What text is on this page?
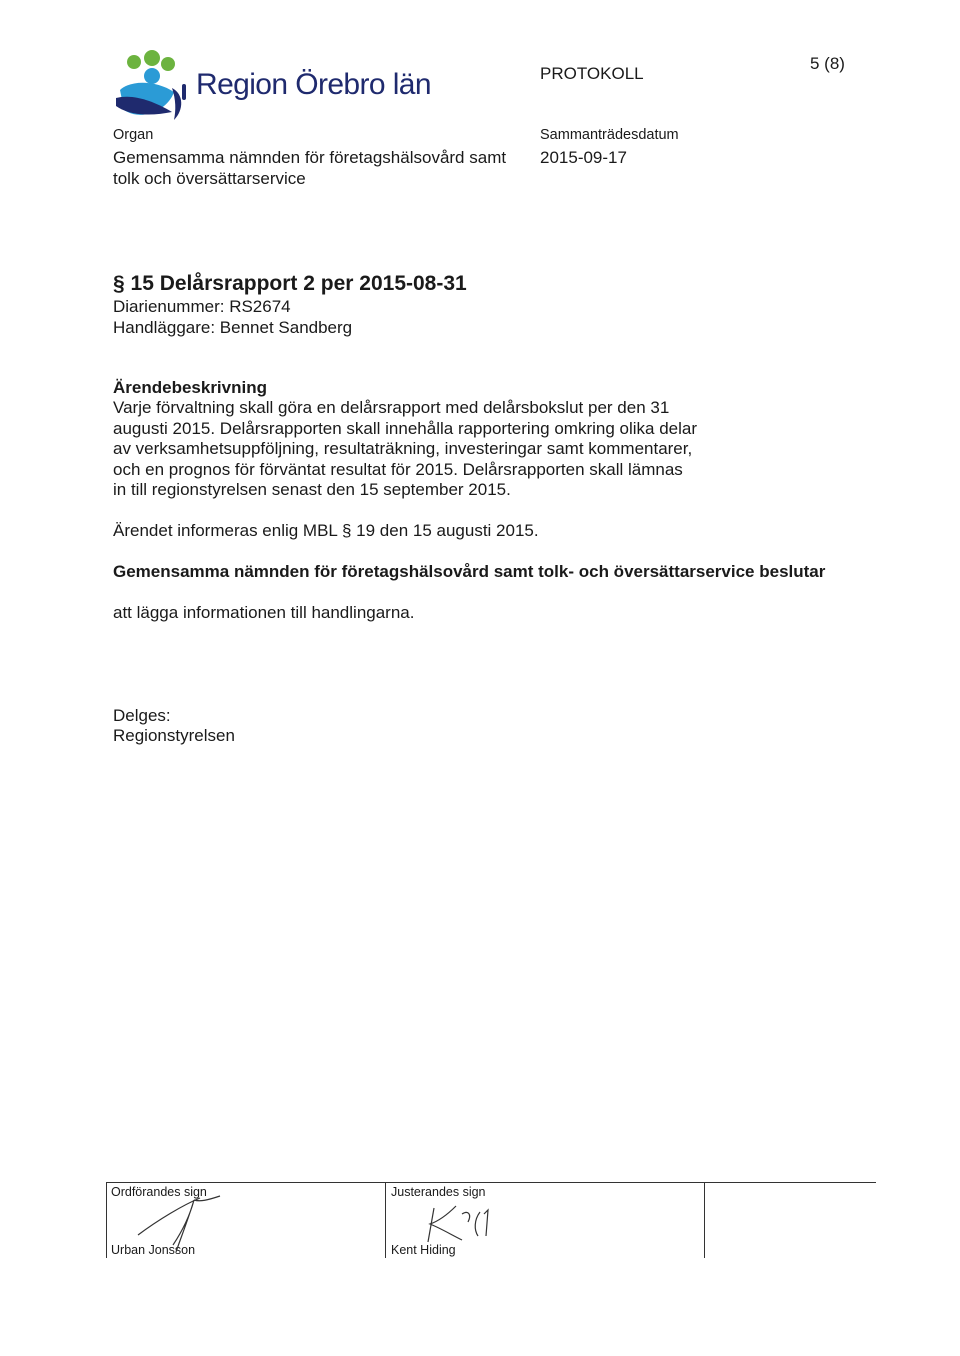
Region Örebro län	PROTOKOLL
5 (8)
Organ
Gemensamma nämnden för företagshälsovård samt
tolk och översättarservice
Sammanträdesdatum
2015-09-17
§ 15 Delårsrapport 2 per 2015-08-31
Diarienummer: RS2674
Handläggare: Bennet Sandberg
Ärendebeskrivning
Varje förvaltning skall göra en delårsrapport med delårsbokslut per den 31
augusti 2015. Delårsrapporten skall innehålla rapportering omkring olika delar
av verksamhetsuppföljning, resultaträkning, investeringar samt kommentarer,
och en prognos för förväntat resultat för 2015. Delårsrapporten skall lämnas
in till regionstyrelsen senast den 15 september 2015.
Ärendet informeras enlig MBL § 19 den 15 augusti 2015.
Gemensamma nämnden för företagshälsovård samt tolk- och översättarservice beslutar
att lägga informationen till handlingarna.
Delges:
Regionstyrelsen
Ordförandes sign
Urban Jonsson
Justerandes sign
Kent Hiding
